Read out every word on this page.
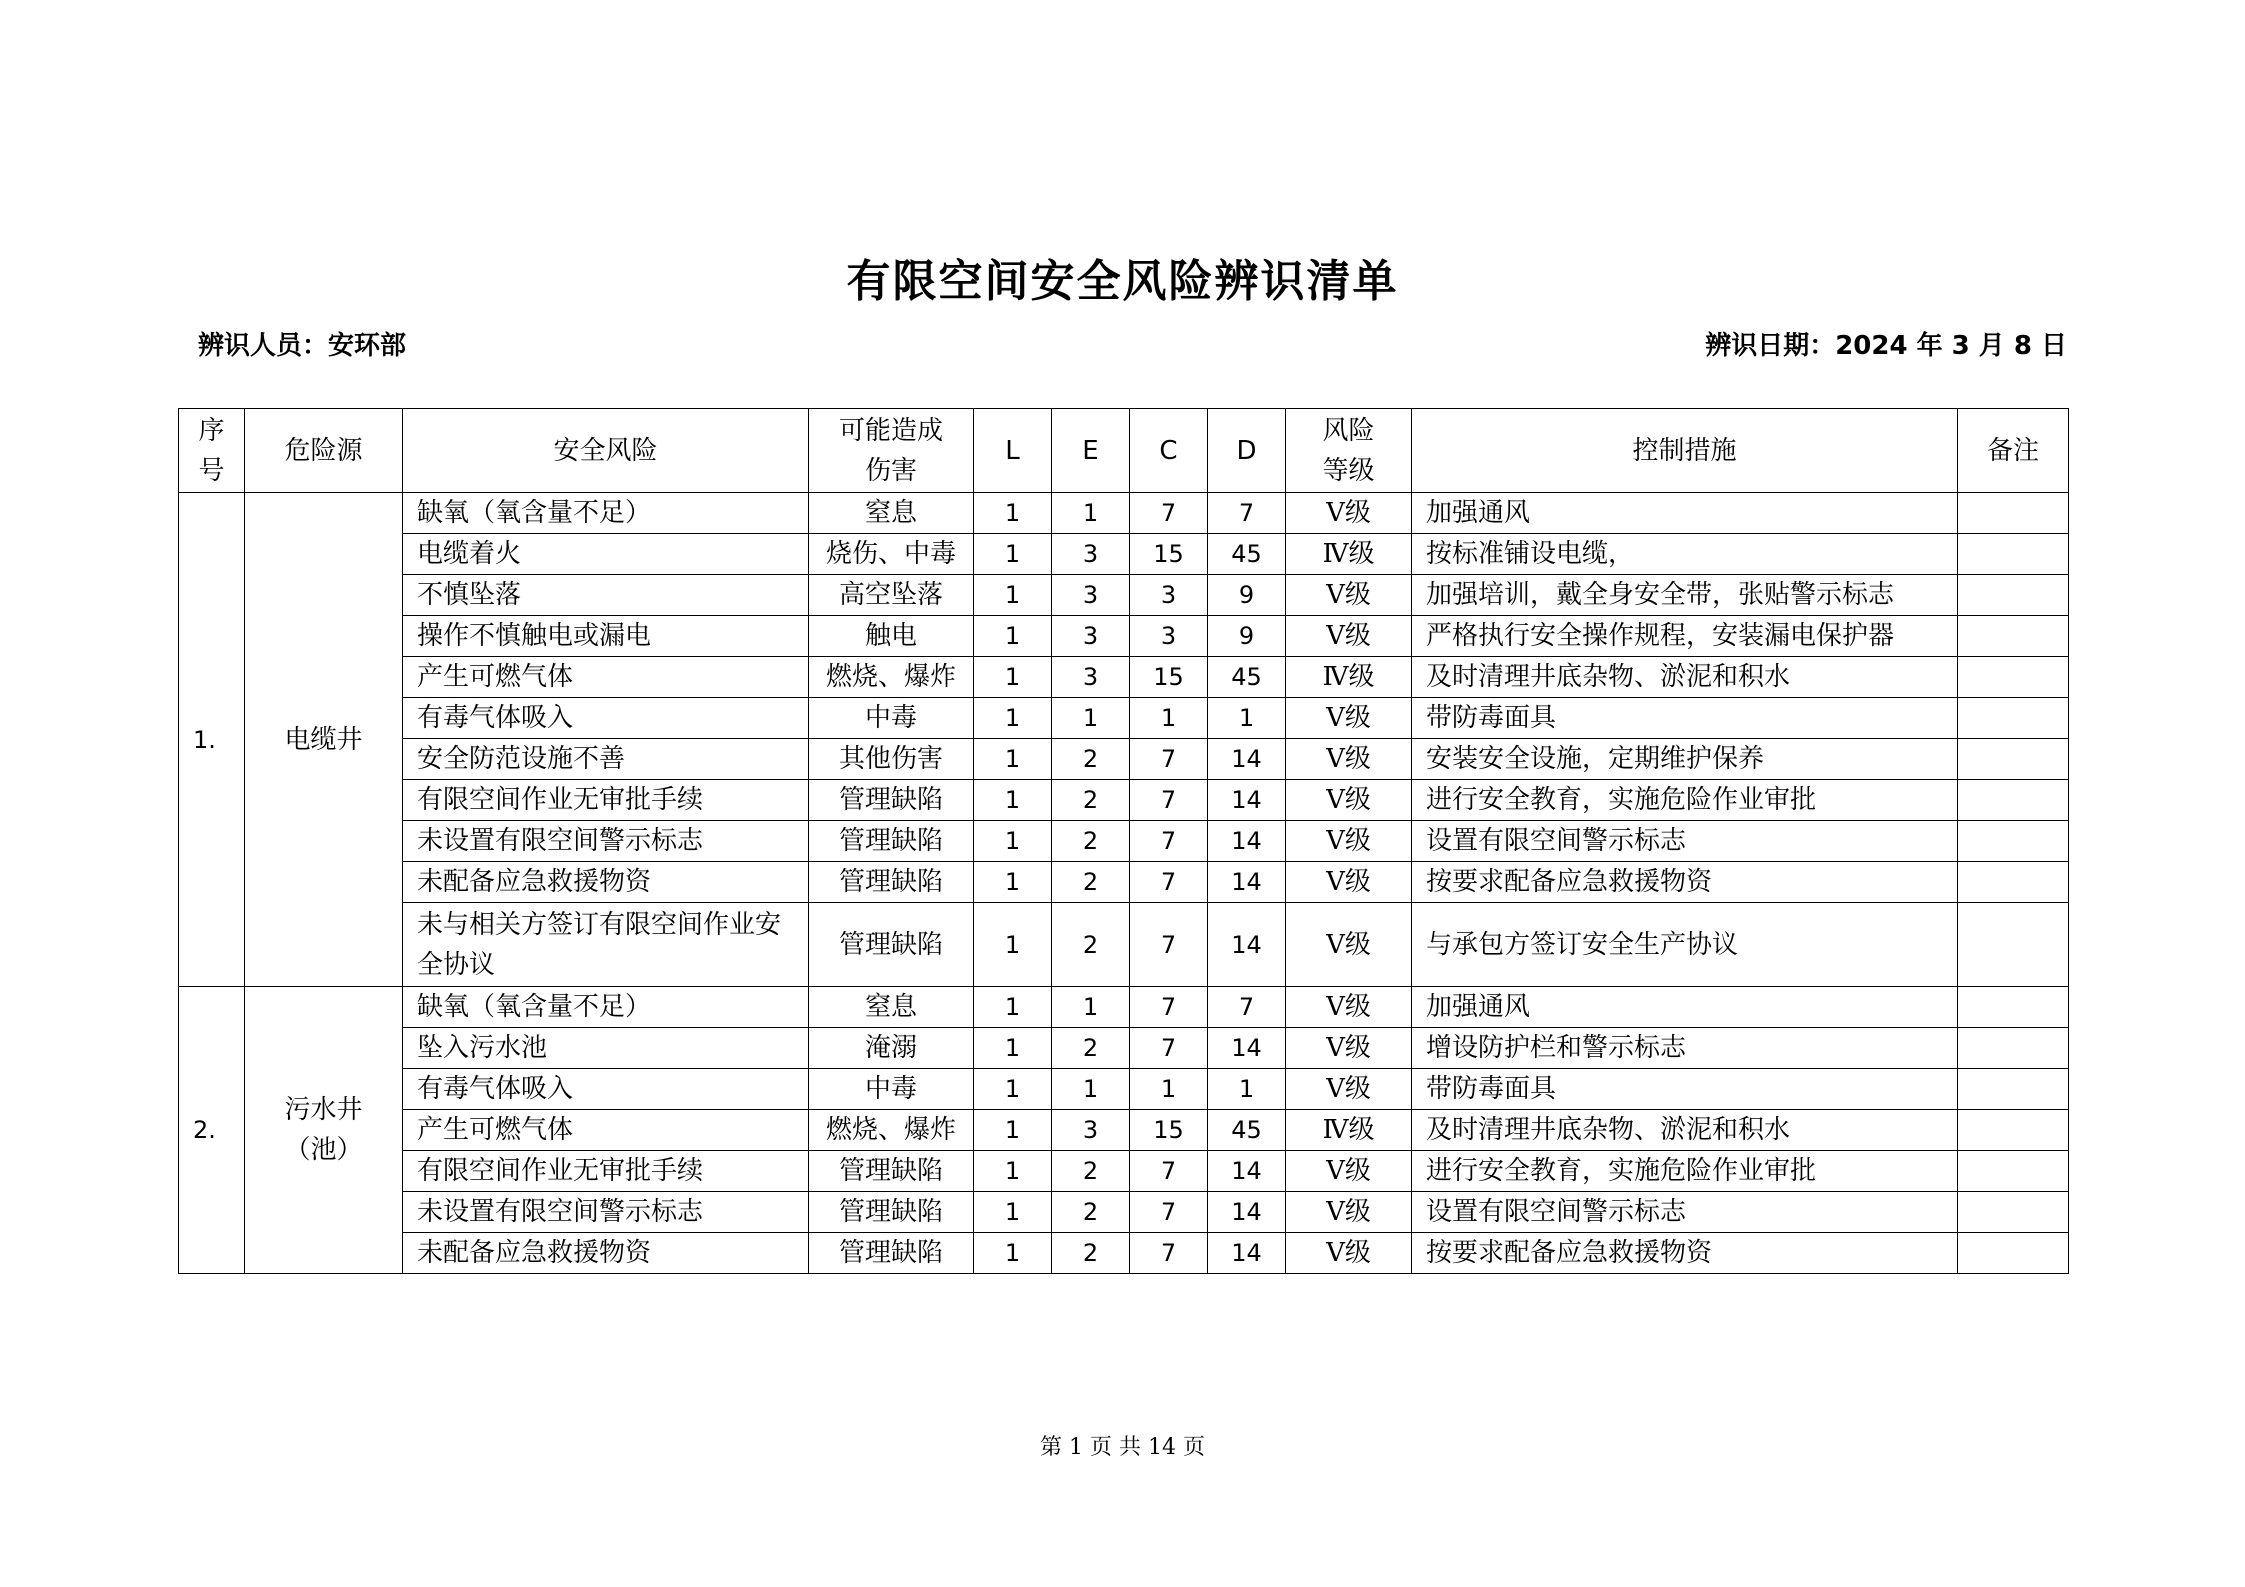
有限空间安全风险辨识清单
辨识人员：安环部	辨识日期：2024 年 3 月 8 日
序号	危险源	安全风险	可能造成伤害	L	E	C	D	风险等级	控制措施	备注
1.	电缆井	缺氧（氧含量不足）	窒息	1	1	7	7	Ⅴ级	加强通风	
		电缆着火	烧伤、中毒	1	3	15	45	Ⅳ级	按标准铺设电缆，	
		不慎坠落	高空坠落	1	3	3	9	Ⅴ级	加强培训，戴全身安全带，张贴警示标志	
		操作不慎触电或漏电	触电	1	3	3	9	Ⅴ级	严格执行安全操作规程，安装漏电保护器	
		产生可燃气体	燃烧、爆炸	1	3	15	45	Ⅳ级	及时清理井底杂物、淤泥和积水	
		有毒气体吸入	中毒	1	1	1	1	Ⅴ级	带防毒面具	
		安全防范设施不善	其他伤害	1	2	7	14	Ⅴ级	安装安全设施，定期维护保养	
		有限空间作业无审批手续	管理缺陷	1	2	7	14	Ⅴ级	进行安全教育，实施危险作业审批	
		未设置有限空间警示标志	管理缺陷	1	2	7	14	Ⅴ级	设置有限空间警示标志	
		未配备应急救援物资	管理缺陷	1	2	7	14	Ⅴ级	按要求配备应急救援物资	
		未与相关方签订有限空间作业安全协议	管理缺陷	1	2	7	14	Ⅴ级	与承包方签订安全生产协议	
2.	污水井（池）	缺氧（氧含量不足）	窒息	1	1	7	7	Ⅴ级	加强通风	
		坠入污水池	淹溺	1	2	7	14	Ⅴ级	增设防护栏和警示标志	
		有毒气体吸入	中毒	1	1	1	1	Ⅴ级	带防毒面具	
		产生可燃气体	燃烧、爆炸	1	3	15	45	Ⅳ级	及时清理井底杂物、淤泥和积水	
		有限空间作业无审批手续	管理缺陷	1	2	7	14	Ⅴ级	进行安全教育，实施危险作业审批	
		未设置有限空间警示标志	管理缺陷	1	2	7	14	Ⅴ级	设置有限空间警示标志	
		未配备应急救援物资	管理缺陷	1	2	7	14	Ⅴ级	按要求配备应急救援物资	
第 1 页 共 14 页
